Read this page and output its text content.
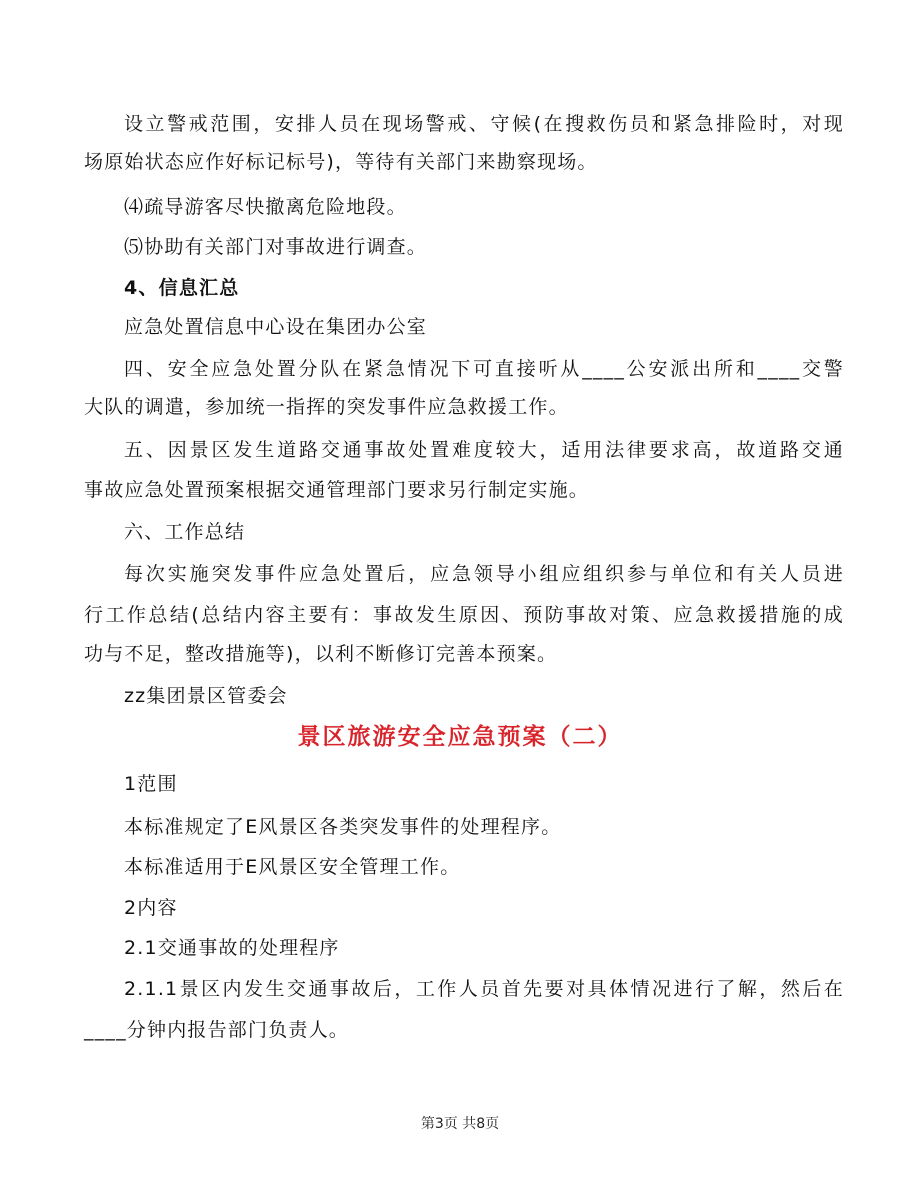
设立警戒范围，安排人员在现场警戒、守候(在搜救伤员和紧急排险时，对现
场原始状态应作好标记标号)，等待有关部门来勘察现场。
⑷疏导游客尽快撤离危险地段。
⑸协助有关部门对事故进行调查。
4、信息汇总
应急处置信息中心设在集团办公室
四、安全应急处置分队在紧急情况下可直接听从____公安派出所和____交警
大队的调遣，参加统一指挥的突发事件应急救援工作。
五、因景区发生道路交通事故处置难度较大，适用法律要求高，故道路交通
事故应急处置预案根据交通管理部门要求另行制定实施。
六、工作总结
每次实施突发事件应急处置后，应急领导小组应组织参与单位和有关人员进
行工作总结(总结内容主要有：事故发生原因、预防事故对策、应急救援措施的成
功与不足，整改措施等)，以利不断修订完善本预案。
zz集团景区管委会
景区旅游安全应急预案（二）
1范围
本标准规定了E风景区各类突发事件的处理程序。
本标准适用于E风景区安全管理工作。
2内容
2.1交通事故的处理程序
2.1.1景区内发生交通事故后，工作人员首先要对具体情况进行了解，然后在
____分钟内报告部门负责人。
第3页 共8页
